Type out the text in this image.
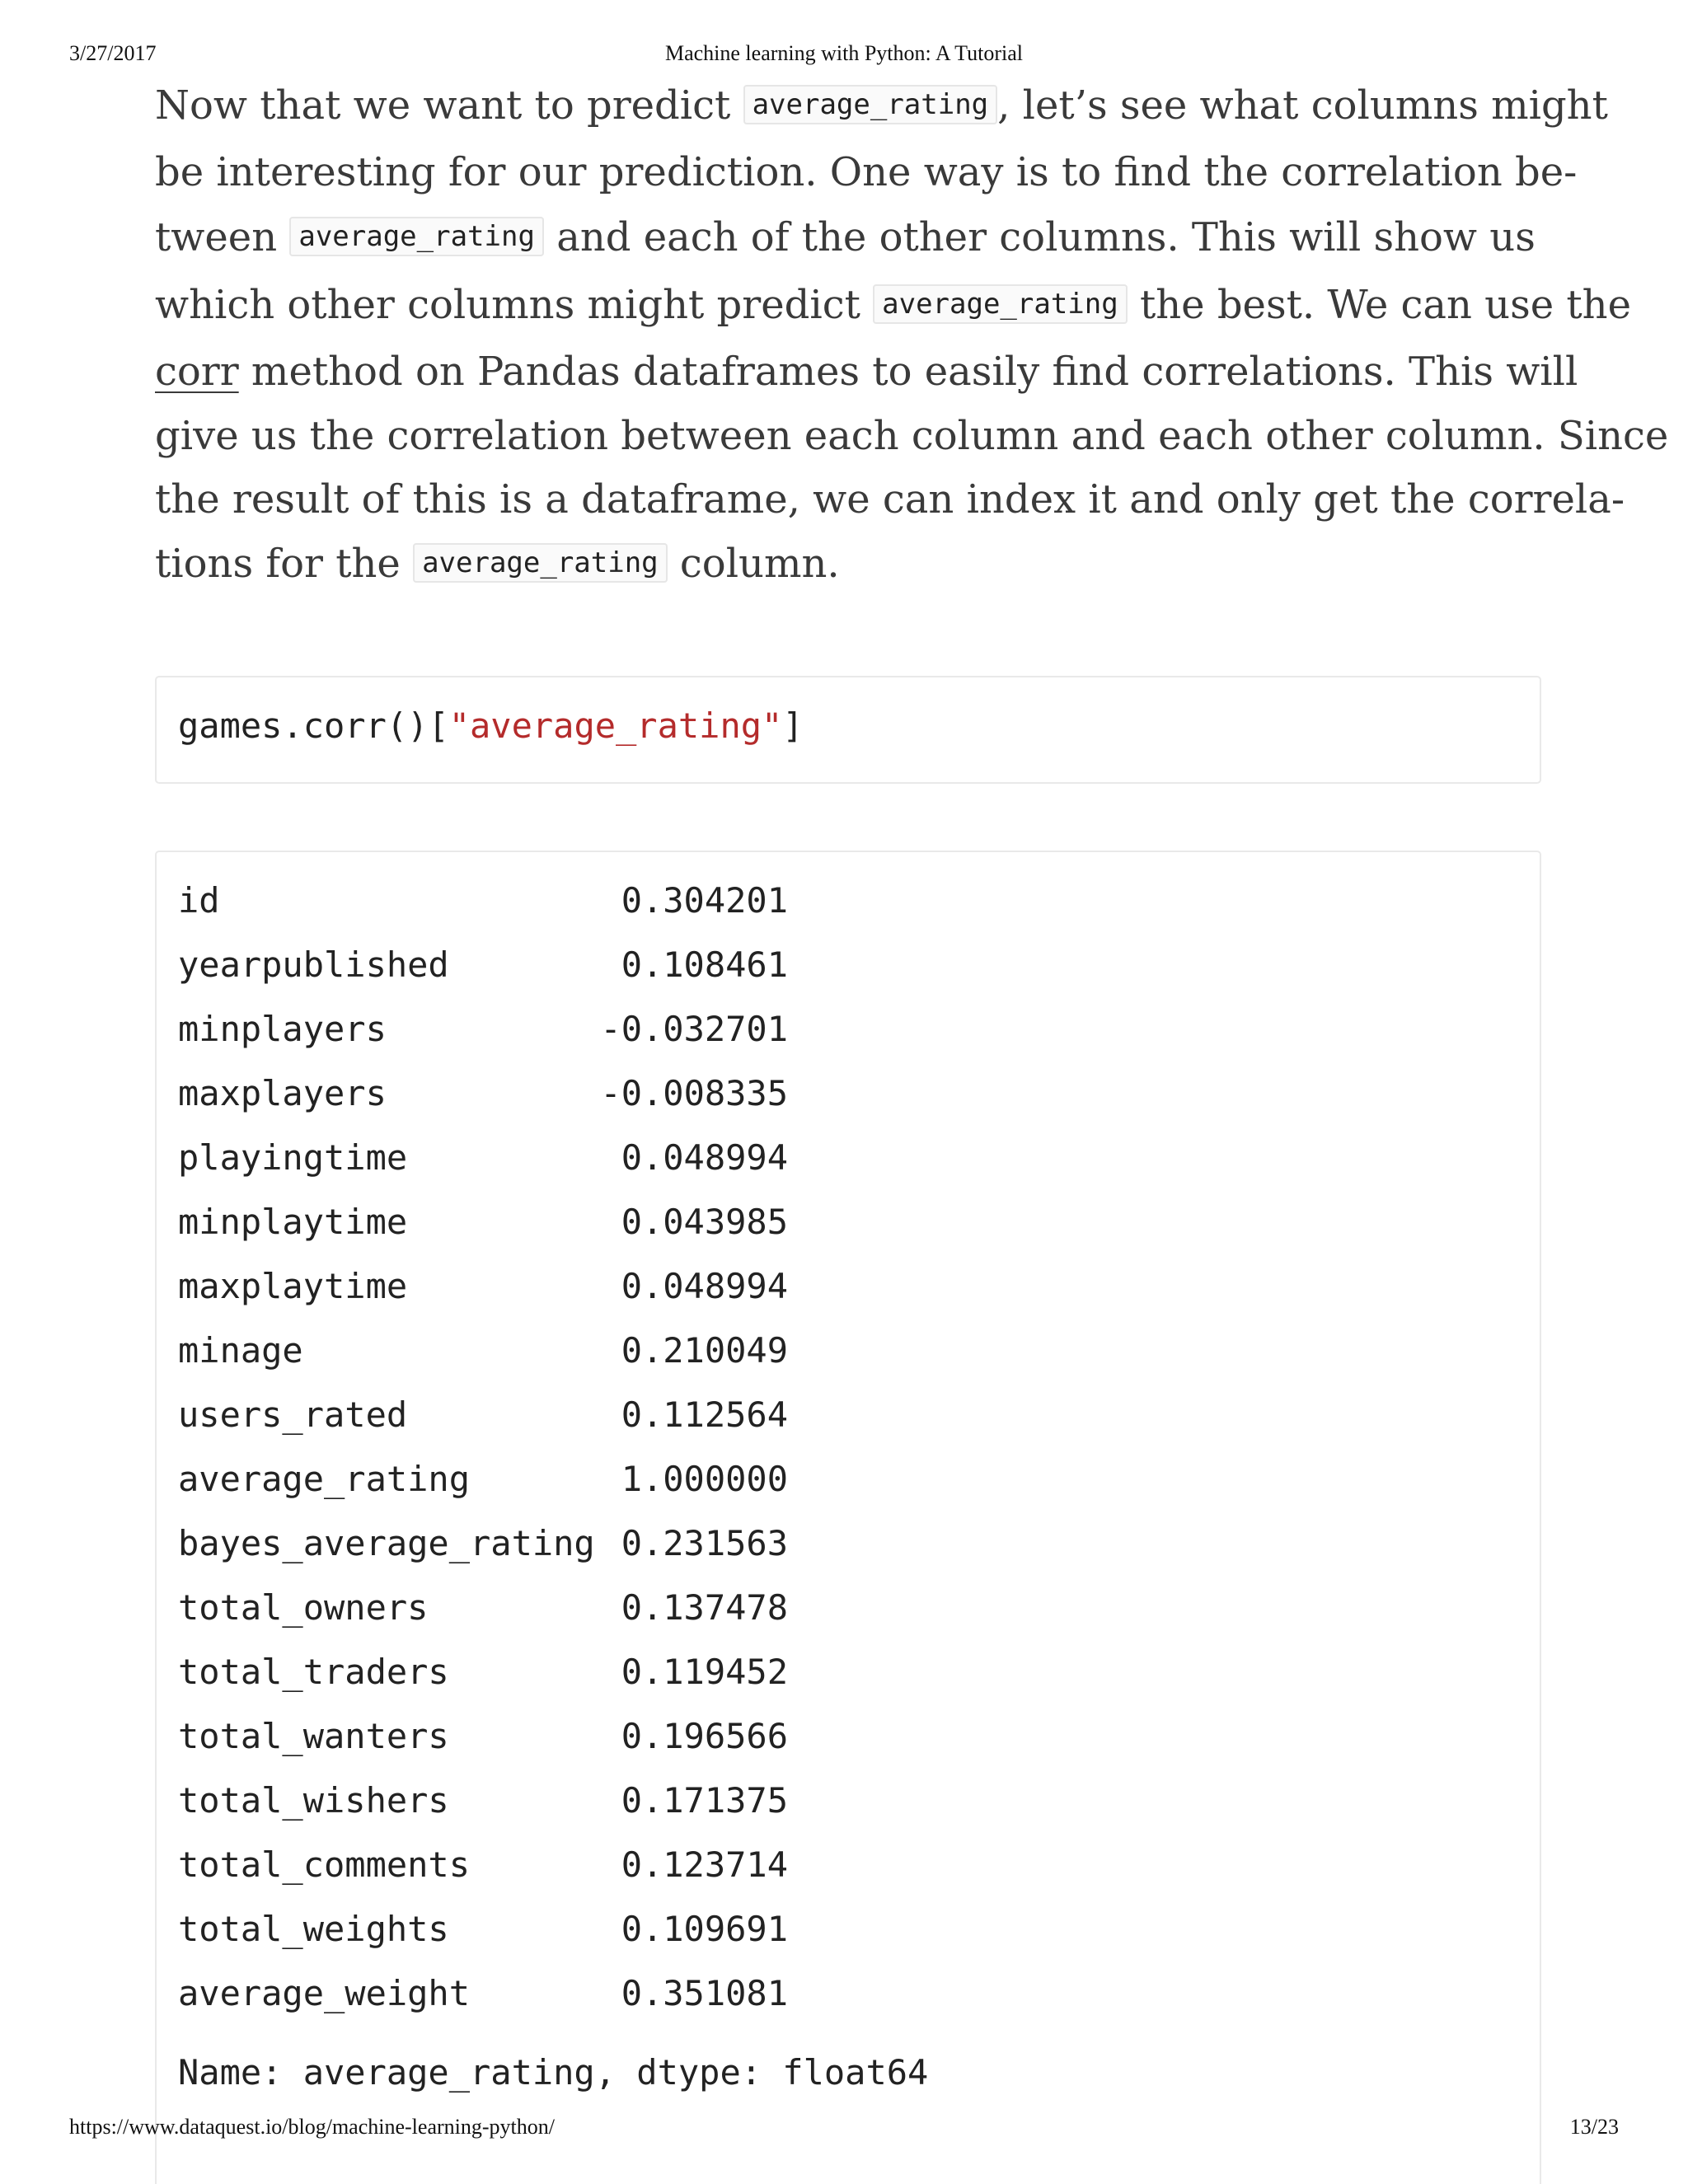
3/27/2017	Machine learning with Python: A Tutorial
Now that we want to predict average_rating , let’s see what columns might
be interesting for our prediction. One way is to find the correlation be-
tween average_rating and each of the other columns. This will show us
which other columns might predict average_rating the best. We can use the
corr method on Pandas dataframes to easily find correlations. This will
give us the correlation between each column and each other column. Since
the result of this is a dataframe, we can index it and only get the correla-
tions for the average_rating column.
games.corr()["average_rating"]
id	0.304201
yearpublished	0.108461
minplayers	-0.032701
maxplayers	-0.008335
playingtime	0.048994
minplaytime	0.043985
maxplaytime	0.048994
minage	0.210049
users_rated	0.112564
average_rating	1.000000
bayes_average_rating 0.231563
total_owners	0.137478
total_traders	0.119452
total_wanters	0.196566
total_wishers	0.171375
total_comments	0.123714
total_weights	0.109691
average_weight	0.351081
Name: average_rating, dtype: float64
https://www.dataquest.io/blog/machine-learning-python/	13/23
